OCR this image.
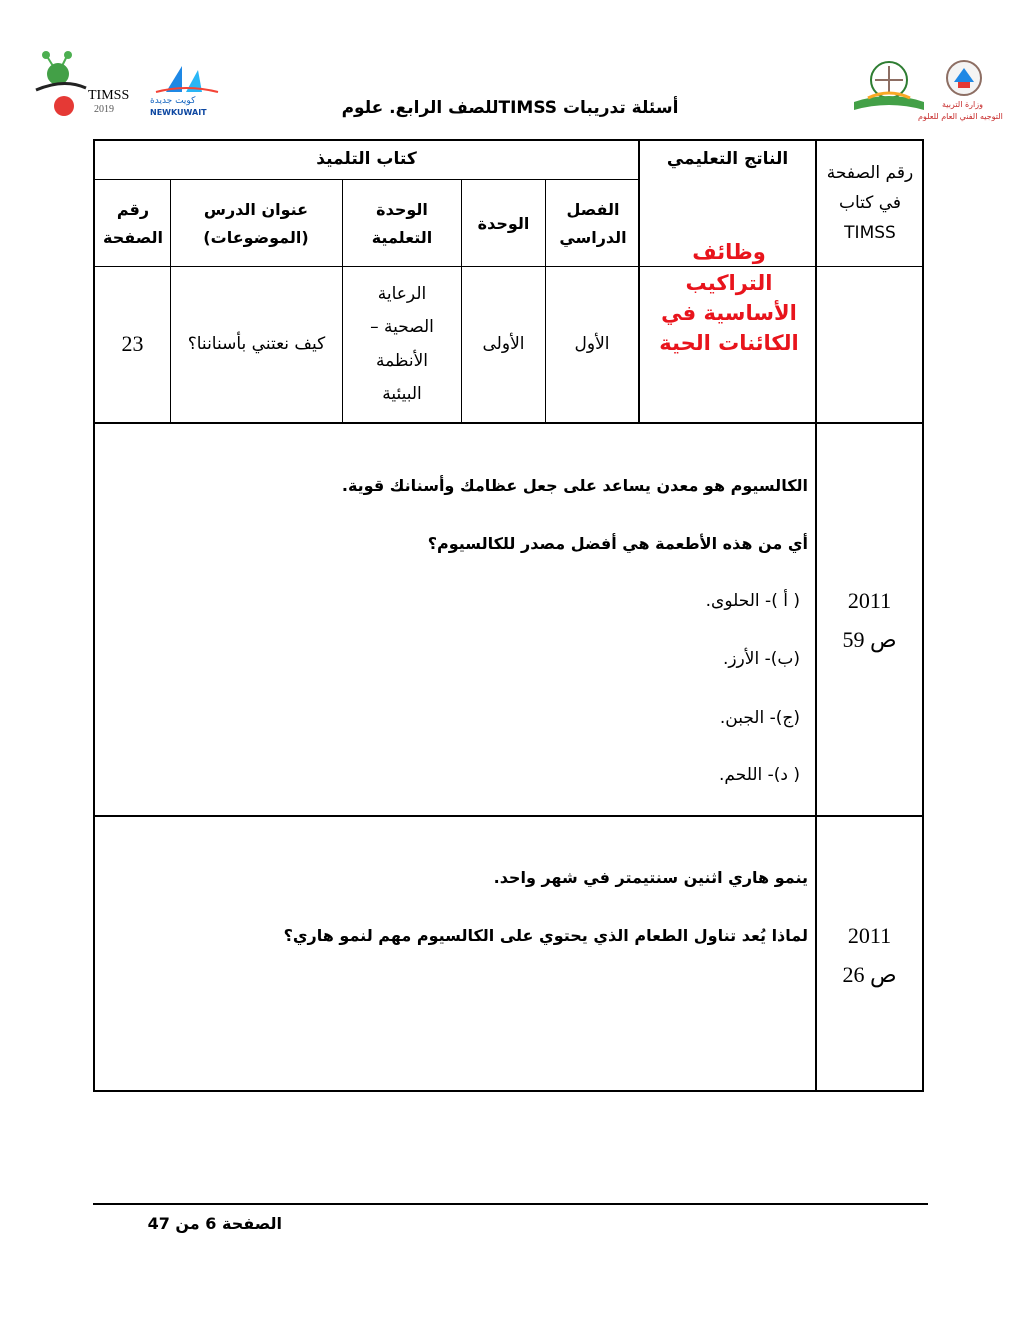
TIMSS
2019
كويت جديدة
NEWKUWAIT
وزارة التربية
التوجيه الفني العام للعلوم
أسئلة تدريبات TIMSSللصف الرابع. علوم
رقم الصفحة في كتاب TIMSS
الناتج التعليمي
كتاب التلميذ
الفصل الدراسي
الوحدة
الوحدة التعلمية
عنوان الدرس (الموضوعات)
رقم الصفحة
وظائف التراكيب الأساسية في الكائنات الحية
الأول
الأولى
الرعاية الصحية – الأنظمة البيئية
كيف نعتني بأسناننا؟
23
2011
ص 59
الكالسيوم هو معدن يساعد على جعل عظامك وأسنانك قوية.
أي من هذه الأطعمة هي أفضل مصدر للكالسيوم؟
( أ )- الحلوى.
(ب)- الأرز.
(ج)- الجبن.
( د)- اللحم.
2011
ص 26
ينمو هاري اثنين سنتيمتر في شهر واحد.
لماذا يُعد تناول الطعام الذي يحتوي على الكالسيوم مهم لنمو هاري؟
الصفحة 6 من 47
